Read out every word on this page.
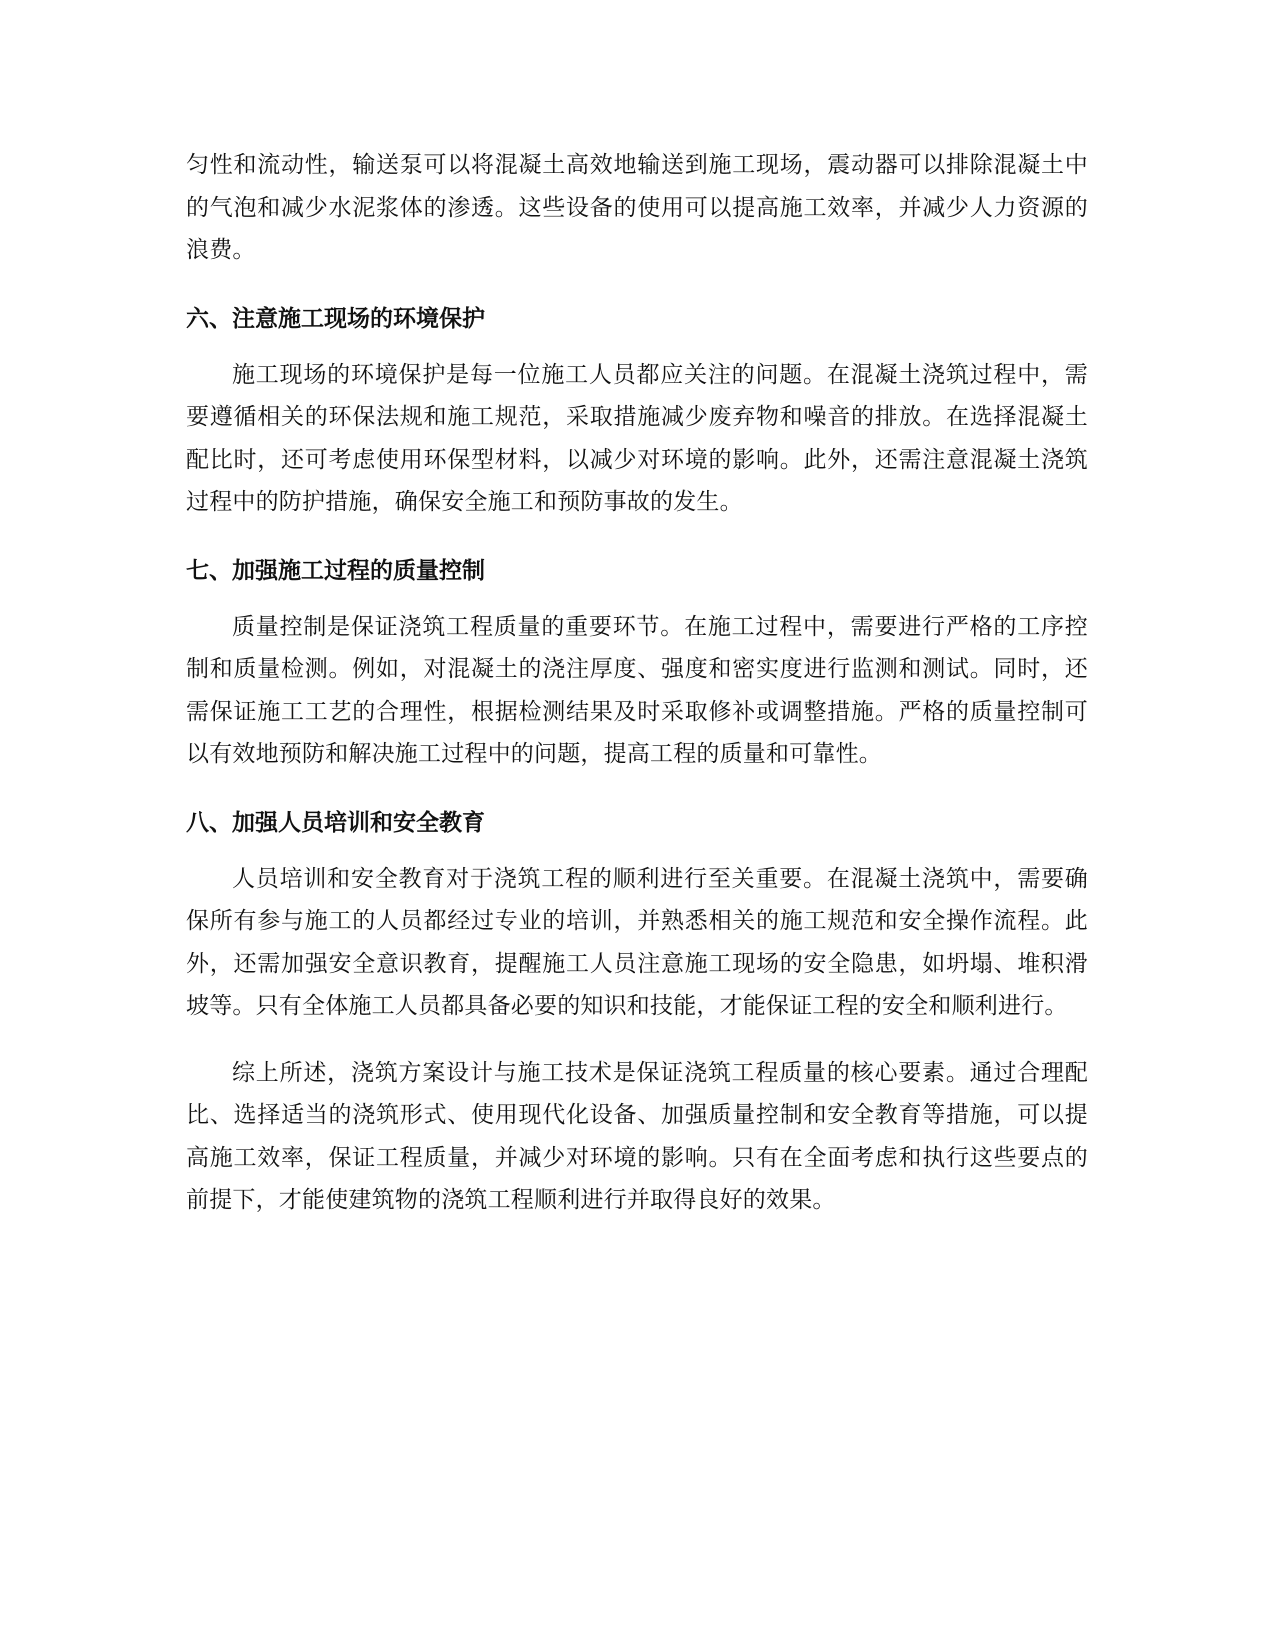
匀性和流动性，输送泵可以将混凝土高效地输送到施工现场，震动器可以排除混凝土中的气泡和减少水泥浆体的渗透。这些设备的使用可以提高施工效率，并减少人力资源的浪费。

六、注意施工现场的环境保护

施工现场的环境保护是每一位施工人员都应关注的问题。在混凝土浇筑过程中，需要遵循相关的环保法规和施工规范，采取措施减少废弃物和噪音的排放。在选择混凝土配比时，还可考虑使用环保型材料，以减少对环境的影响。此外，还需注意混凝土浇筑过程中的防护措施，确保安全施工和预防事故的发生。

七、加强施工过程的质量控制

质量控制是保证浇筑工程质量的重要环节。在施工过程中，需要进行严格的工序控制和质量检测。例如，对混凝土的浇注厚度、强度和密实度进行监测和测试。同时，还需保证施工工艺的合理性，根据检测结果及时采取修补或调整措施。严格的质量控制可以有效地预防和解决施工过程中的问题，提高工程的质量和可靠性。

八、加强人员培训和安全教育

人员培训和安全教育对于浇筑工程的顺利进行至关重要。在混凝土浇筑中，需要确保所有参与施工的人员都经过专业的培训，并熟悉相关的施工规范和安全操作流程。此外，还需加强安全意识教育，提醒施工人员注意施工现场的安全隐患，如坍塌、堆积滑坡等。只有全体施工人员都具备必要的知识和技能，才能保证工程的安全和顺利进行。

综上所述，浇筑方案设计与施工技术是保证浇筑工程质量的核心要素。通过合理配比、选择适当的浇筑形式、使用现代化设备、加强质量控制和安全教育等措施，可以提高施工效率，保证工程质量，并减少对环境的影响。只有在全面考虑和执行这些要点的前提下，才能使建筑物的浇筑工程顺利进行并取得良好的效果。
